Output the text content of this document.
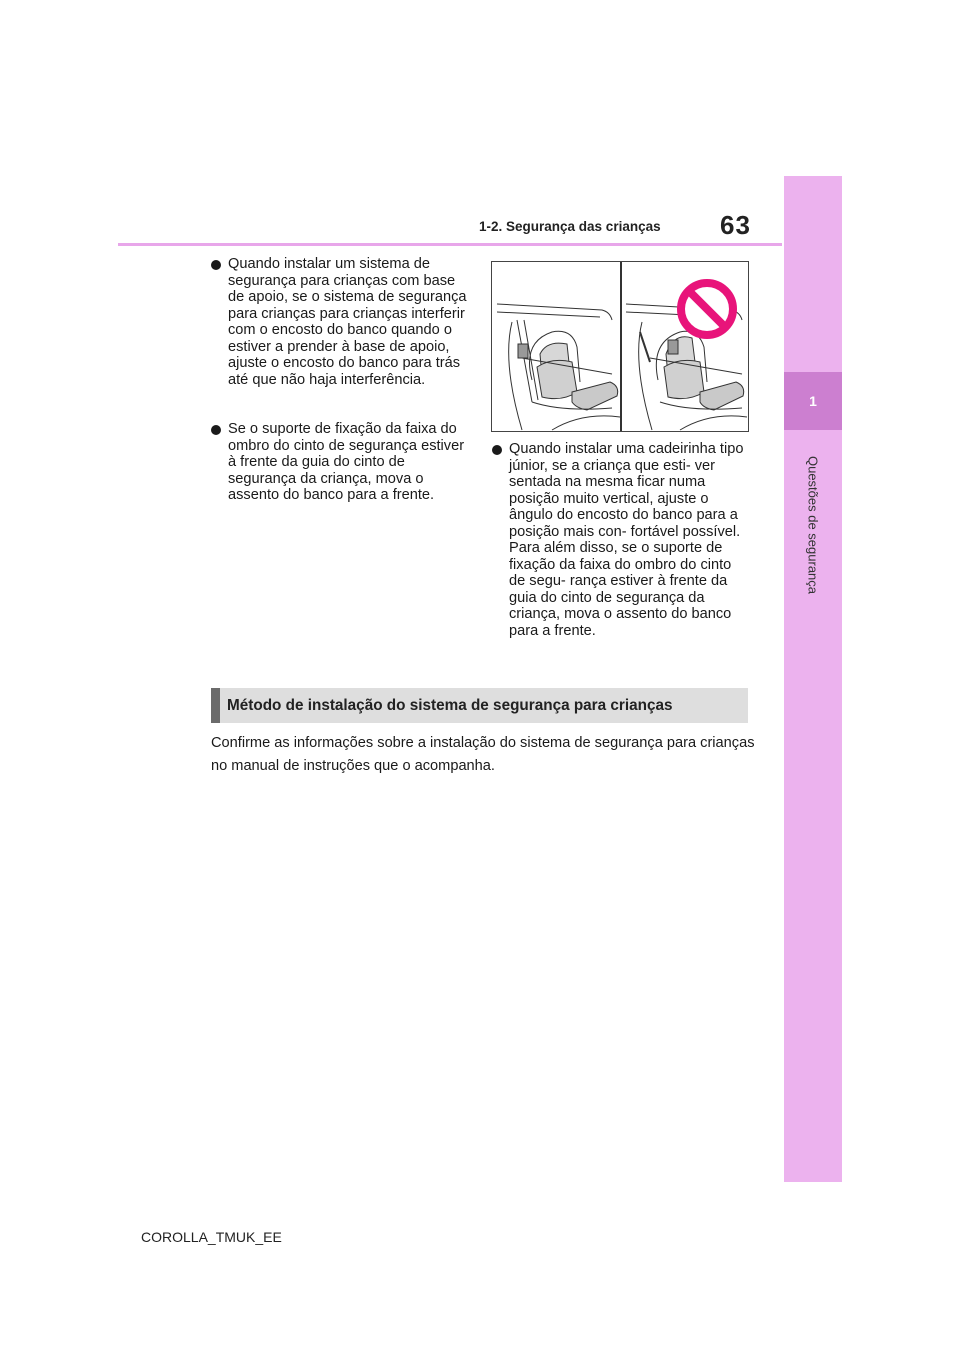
1-2. Segurança das crianças 63
1
Questões de segurança
Quando instalar um sistema de segurança para crianças com base de apoio, se o sistema de segurança para crianças para crianças interferir com o encosto do banco quando o estiver a prender à base de apoio, ajuste o encosto do banco para trás até que não haja interferência.
Se o suporte de fixação da faixa do ombro do cinto de segurança estiver à frente da guia do cinto de segurança da criança, mova o assento do banco para a frente.
Quando instalar uma cadeirinha tipo júnior, se a criança que esti- ver sentada na mesma ficar numa posição muito vertical, ajuste o ângulo do encosto do banco para a posição mais con- fortável possível. Para além disso, se o suporte de fixação da faixa do ombro do cinto de segu- rança estiver à frente da guia do cinto de segurança da criança, mova o assento do banco para a frente.
Método de instalação do sistema de segurança para crianças
Confirme as informações sobre a instalação do sistema de segurança para crianças no manual de instruções que o acompanha.
COROLLA_TMUK_EE
